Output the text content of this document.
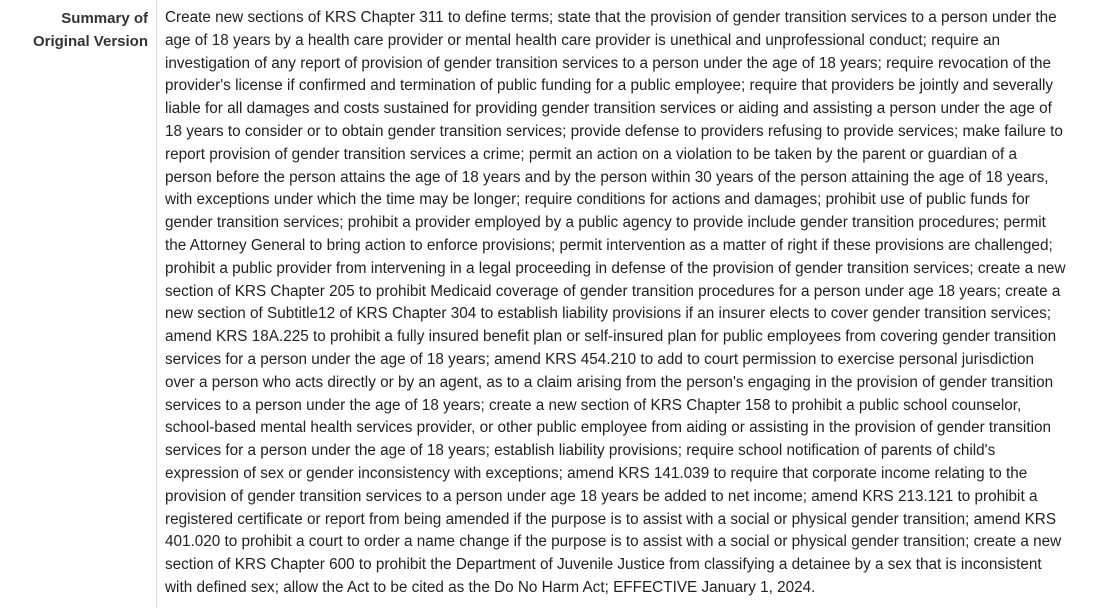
Summary of
Original Version

Create new sections of KRS Chapter 311 to define terms; state that the provision of gender transition services to a person under the
age of 18 years by a health care provider or mental health care provider is unethical and unprofessional conduct; require an
investigation of any report of provision of gender transition services to a person under the age of 18 years; require revocation of the
provider's license if confirmed and termination of public funding for a public employee; require that providers be jointly and severally
liable for all damages and costs sustained for providing gender transition services or aiding and assisting a person under the age of
18 years to consider or to obtain gender transition services; provide defense to providers refusing to provide services; make failure to
report provision of gender transition services a crime; permit an action on a violation to be taken by the parent or guardian of a
person before the person attains the age of 18 years and by the person within 30 years of the person attaining the age of 18 years,
with exceptions under which the time may be longer; require conditions for actions and damages; prohibit use of public funds for
gender transition services; prohibit a provider employed by a public agency to provide include gender transition procedures; permit
the Attorney General to bring action to enforce provisions; permit intervention as a matter of right if these provisions are challenged;
prohibit a public provider from intervening in a legal proceeding in defense of the provision of gender transition services; create a new
section of KRS Chapter 205 to prohibit Medicaid coverage of gender transition procedures for a person under age 18 years; create a
new section of Subtitle12 of KRS Chapter 304 to establish liability provisions if an insurer elects to cover gender transition services;
amend KRS 18A.225 to prohibit a fully insured benefit plan or self-insured plan for public employees from covering gender transition
services for a person under the age of 18 years; amend KRS 454.210 to add to court permission to exercise personal jurisdiction
over a person who acts directly or by an agent, as to a claim arising from the person's engaging in the provision of gender transition
services to a person under the age of 18 years; create a new section of KRS Chapter 158 to prohibit a public school counselor,
school-based mental health services provider, or other public employee from aiding or assisting in the provision of gender transition
services for a person under the age of 18 years; establish liability provisions; require school notification of parents of child's
expression of sex or gender inconsistency with exceptions; amend KRS 141.039 to require that corporate income relating to the
provision of gender transition services to a person under age 18 years be added to net income; amend KRS 213.121 to prohibit a
registered certificate or report from being amended if the purpose is to assist with a social or physical gender transition; amend KRS
401.020 to prohibit a court to order a name change if the purpose is to assist with a social or physical gender transition; create a new
section of KRS Chapter 600 to prohibit the Department of Juvenile Justice from classifying a detainee by a sex that is inconsistent
with defined sex; allow the Act to be cited as the Do No Harm Act; EFFECTIVE January 1, 2024.
